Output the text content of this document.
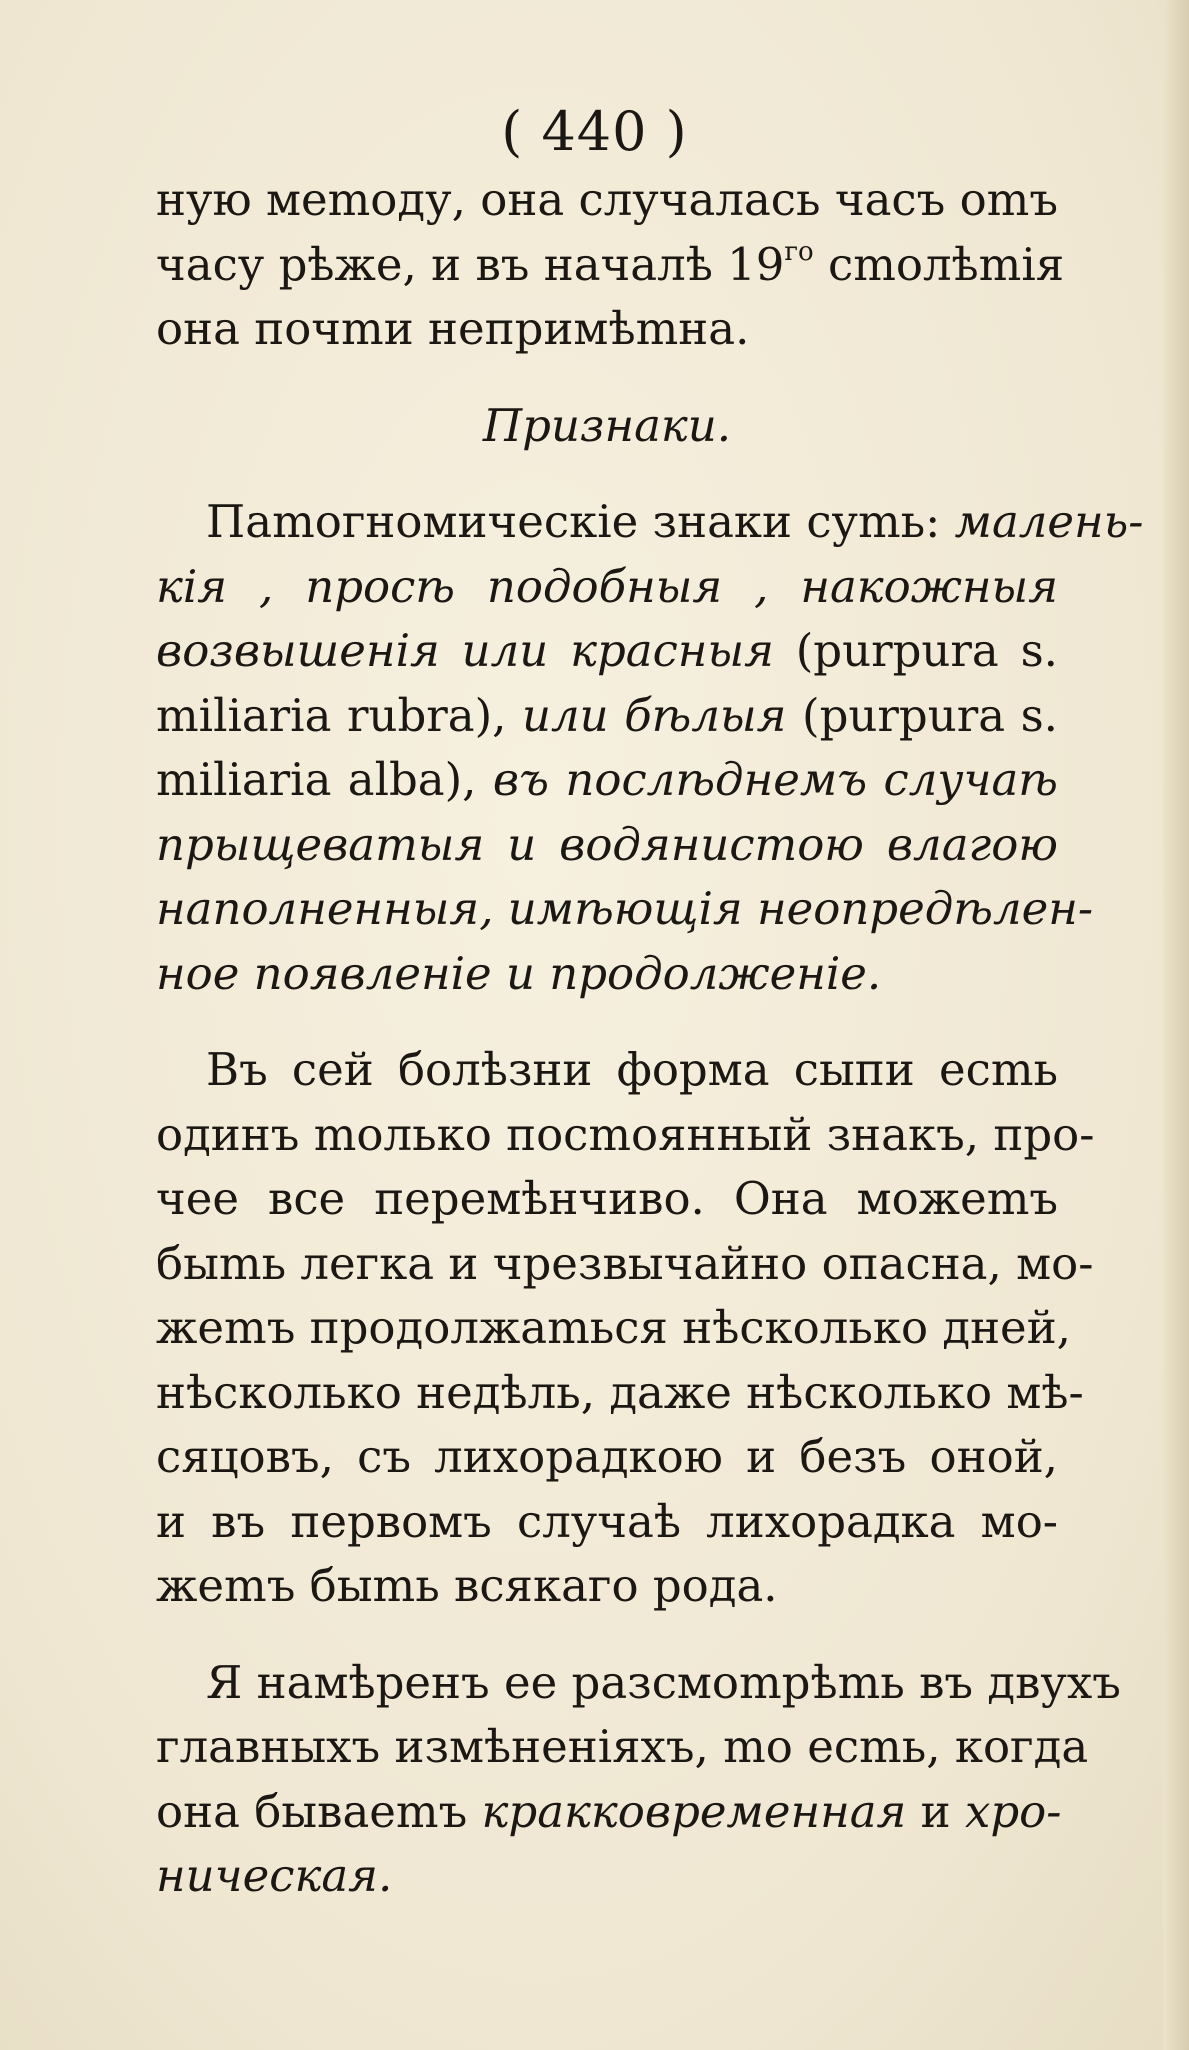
( 440 )
ную меmоду, она случалась часъ оmъ
часу рѣже, и въ началѣ $19^{го}$ сmолѣmія
она почmи непримѣmна.
Признаки.
Паmогномическіе знаки суmь: малень-
кія , просѣ подобныя , накожныя
возвышенія или красныя (purpura s.
miliaria rubra), или бѣлыя (purpura s.
miliaria alba), въ послѣднемъ случаѣ
прыщеваmыя и водянисmою влагою
наполненныя, имѣющія неопредѣлен-
ное появленіе и продолженіе.
Въ сей болѣзни форма сыпи есmь
одинъ mолько посmоянный знакъ, про-
чее все перемѣнчиво. Она можеmъ
быmь легка и чрезвычайно опасна, мо-
жеmъ продолжаmься нѣсколько дней,
нѣсколько недѣль, даже нѣсколько мѣ-
сяцовъ, съ лихорадкою и безъ оной,
и въ первомъ случаѣ лихорадка мо-
жеmъ быmь всякаго рода.
Я намѣренъ ее разсмоmрѣmь въ двухъ
главныхъ измѣненіяхъ, mо есmь, когда
она бываеmъ кракковременная и хро-
ническая.
